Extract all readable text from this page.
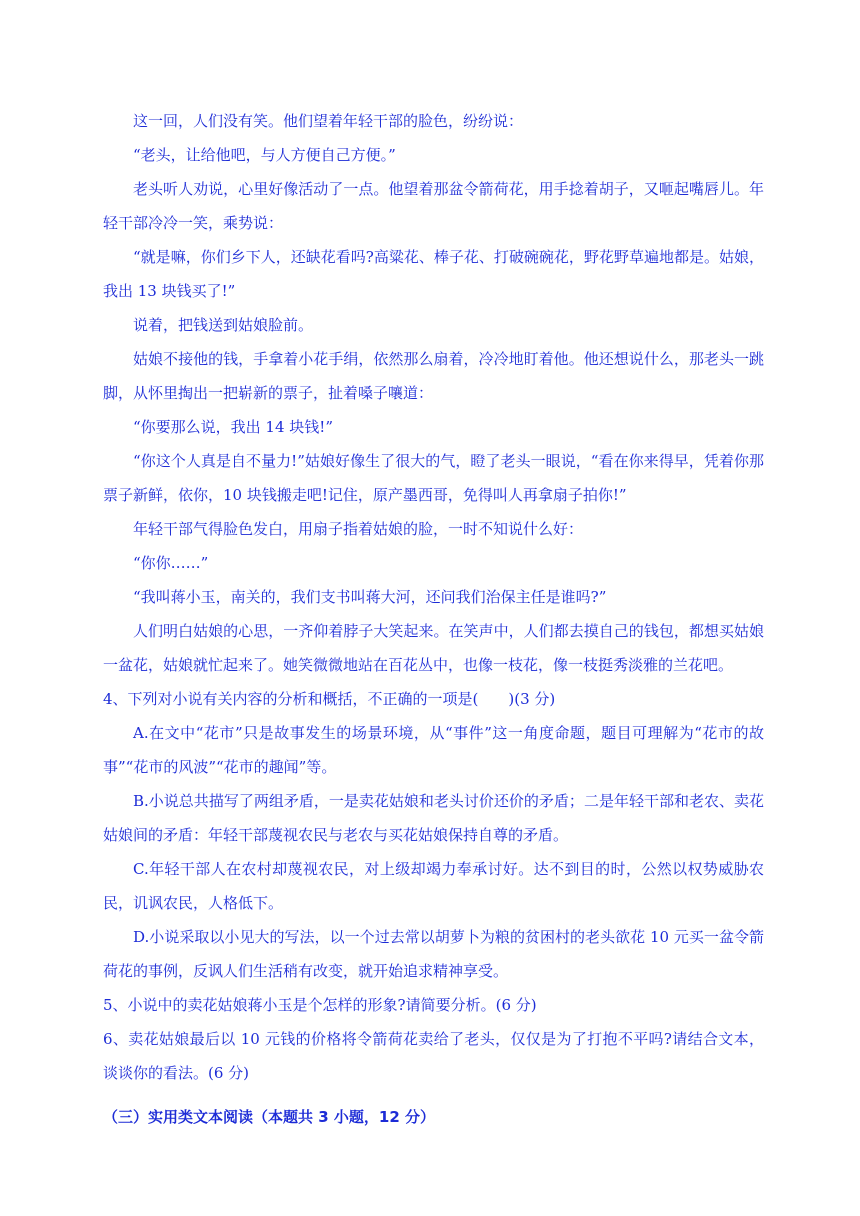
这一回，人们没有笑。他们望着年轻干部的脸色，纷纷说：

“老头，让给他吧，与人方便自己方便。”

老头听人劝说，心里好像活动了一点。他望着那盆令箭荷花，用手捻着胡子，又咂起嘴唇儿。年轻干部冷冷一笑，乘势说：

“就是嘛，你们乡下人，还缺花看吗?高粱花、棒子花、打破碗碗花，野花野草遍地都是。姑娘，我出 13 块钱买了!”

说着，把钱送到姑娘脸前。

姑娘不接他的钱，手拿着小花手绢，依然那么扇着，冷冷地盯着他。他还想说什么，那老头一跳脚，从怀里掏出一把崭新的票子，扯着嗓子嚷道：

“你要那么说，我出 14 块钱!”

“你这个人真是自不量力!”姑娘好像生了很大的气，瞪了老头一眼说，“看在你来得早，凭着你那票子新鲜，依你，10 块钱搬走吧!记住，原产墨西哥，免得叫人再拿扇子拍你!”

年轻干部气得脸色发白，用扇子指着姑娘的脸，一时不知说什么好：

“你你……”

“我叫蒋小玉，南关的，我们支书叫蒋大河，还问我们治保主任是谁吗?”

人们明白姑娘的心思，一齐仰着脖子大笑起来。在笑声中，人们都去摸自己的钱包，都想买姑娘一盆花，姑娘就忙起来了。她笑微微地站在百花丛中，也像一枝花，像一枝挺秀淡雅的兰花吧。

4、下列对小说有关内容的分析和概括，不正确的一项是(　　)(3 分)

A.在文中“花市”只是故事发生的场景环境，从“事件”这一角度命题，题目可理解为“花市的故事”“花市的风波”“花市的趣闻”等。

B.小说总共描写了两组矛盾，一是卖花姑娘和老头讨价还价的矛盾；二是年轻干部和老农、卖花姑娘间的矛盾：年轻干部蔑视农民与老农与买花姑娘保持自尊的矛盾。

C.年轻干部人在农村却蔑视农民，对上级却竭力奉承讨好。达不到目的时，公然以权势威胁农民，讥讽农民，人格低下。

D.小说采取以小见大的写法，以一个过去常以胡萝卜为粮的贫困村的老头欲花 10 元买一盆令箭荷花的事例，反讽人们生活稍有改变，就开始追求精神享受。

5、小说中的卖花姑娘蒋小玉是个怎样的形象?请简要分析。(6 分)

6、卖花姑娘最后以 10 元钱的价格将令箭荷花卖给了老头，仅仅是为了打抱不平吗?请结合文本，谈谈你的看法。(6 分)

（三）实用类文本阅读（本题共 3 小题，12 分）
